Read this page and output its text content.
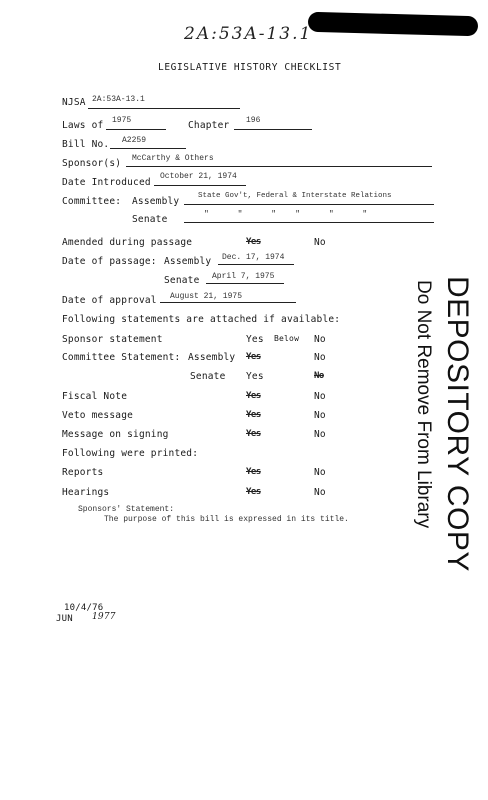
2A:53A-13.1
LEGISLATIVE HISTORY CHECKLIST
NJSA 2A:53A-13.1
Laws of 1975	Chapter 196
Bill No. A2259
Sponsor(s) McCarthy & Others
Date Introduced
October 21, 1974
Committee: Assembly State Gov't, Federal & Interstate Relations
Senate	"      "      "    "      "      "
Amended during passage	Yes	No
Date of passage: Assembly Dec. 17, 1974
Senate April 7, 1975
Date of approval August 21, 1975
Following statements are attached if available:
Sponsor statement	Yes Below No
Committee Statement: Assembly Yes	No
Senate Yes	No
Fiscal Note	Yes	No
Veto message	Yes	No
Message on signing	Yes	No
Following were printed:
Reports	Yes	No
Hearings	Yes	No
Sponsors' Statement:
The purpose of this bill is expressed in its title.
10/4/76
JUN 1977
DEPOSITORY COPY
Do Not Remove From Library
